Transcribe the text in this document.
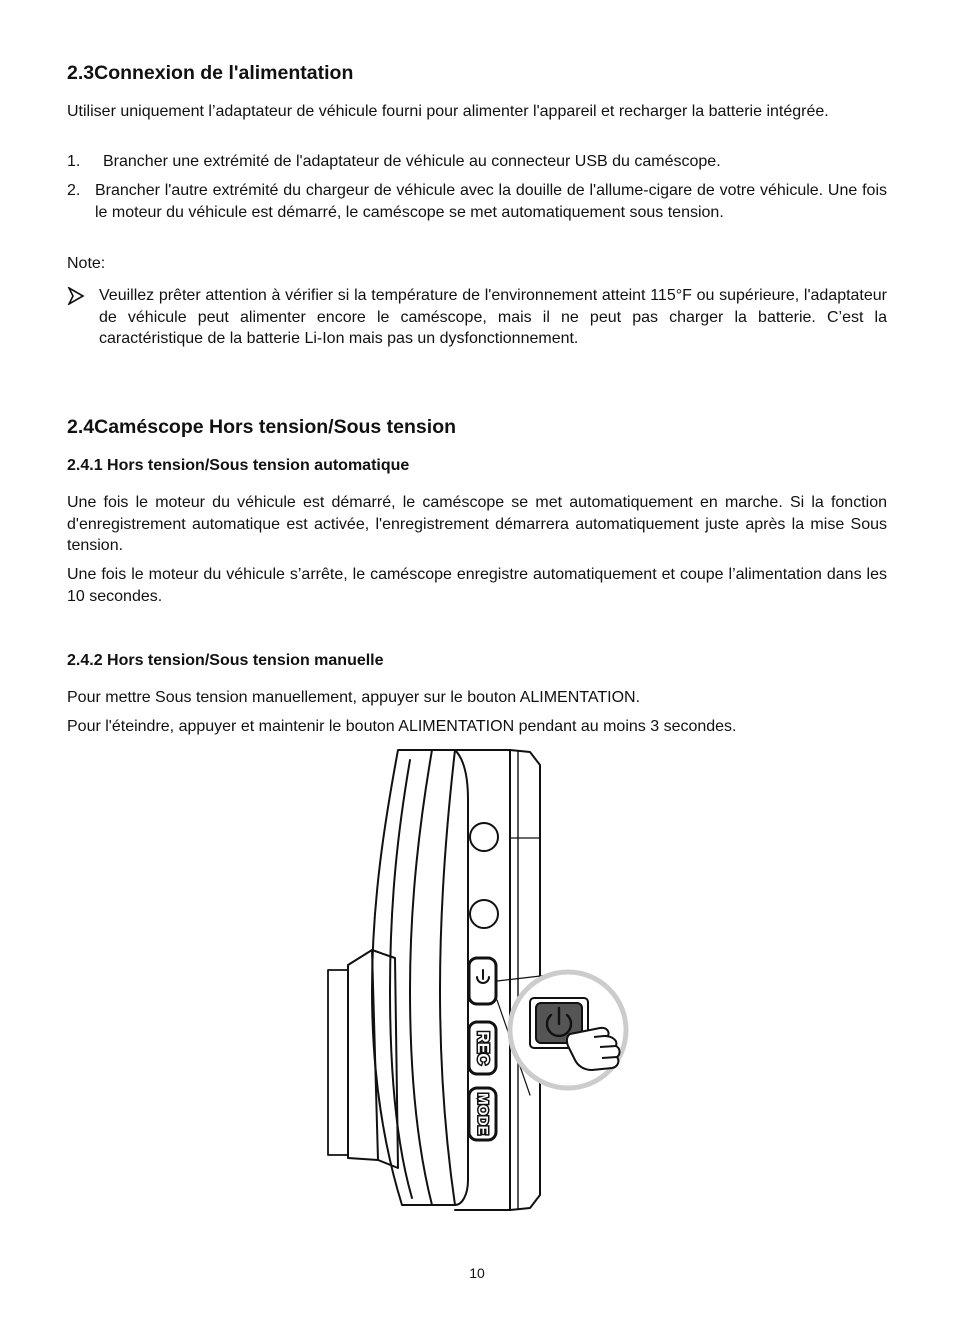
2.3Connexion de l'alimentation

Utiliser uniquement l’adaptateur de véhicule fourni pour alimenter l'appareil et recharger la batterie intégrée.

1.	Brancher une extrémité de l'adaptateur de véhicule au connecteur USB du caméscope.
2. Brancher l'autre extrémité du chargeur de véhicule avec la douille de l'allume-cigare de votre véhicule. Une fois le moteur du véhicule est démarré, le caméscope se met automatiquement sous tension.

Note:

Veuillez prêter attention à vérifier si la température de l'environnement atteint 115°F ou supérieure, l'adaptateur de véhicule peut alimenter encore le caméscope, mais il ne peut pas charger la batterie. C’est la caractéristique de la batterie Li-Ion mais pas un dysfonctionnement.
2.4Caméscope Hors tension/Sous tension
2.4.1 Hors tension/Sous tension automatique

Une fois le moteur du véhicule est démarré, le caméscope se met automatiquement en marche. Si la fonction d'enregistrement automatique est activée, l'enregistrement démarrera automatiquement juste après la mise Sous tension.

Une fois le moteur du véhicule s’arrête, le caméscope enregistre automatiquement et coupe l’alimentation dans les 10 secondes.

2.4.2 Hors tension/Sous tension manuelle

Pour mettre Sous tension manuellement, appuyer sur le bouton ALIMENTATION.

Pour l'éteindre, appuyer et maintenir le bouton ALIMENTATION pendant au moins 3 secondes.

REC
MODE
10
